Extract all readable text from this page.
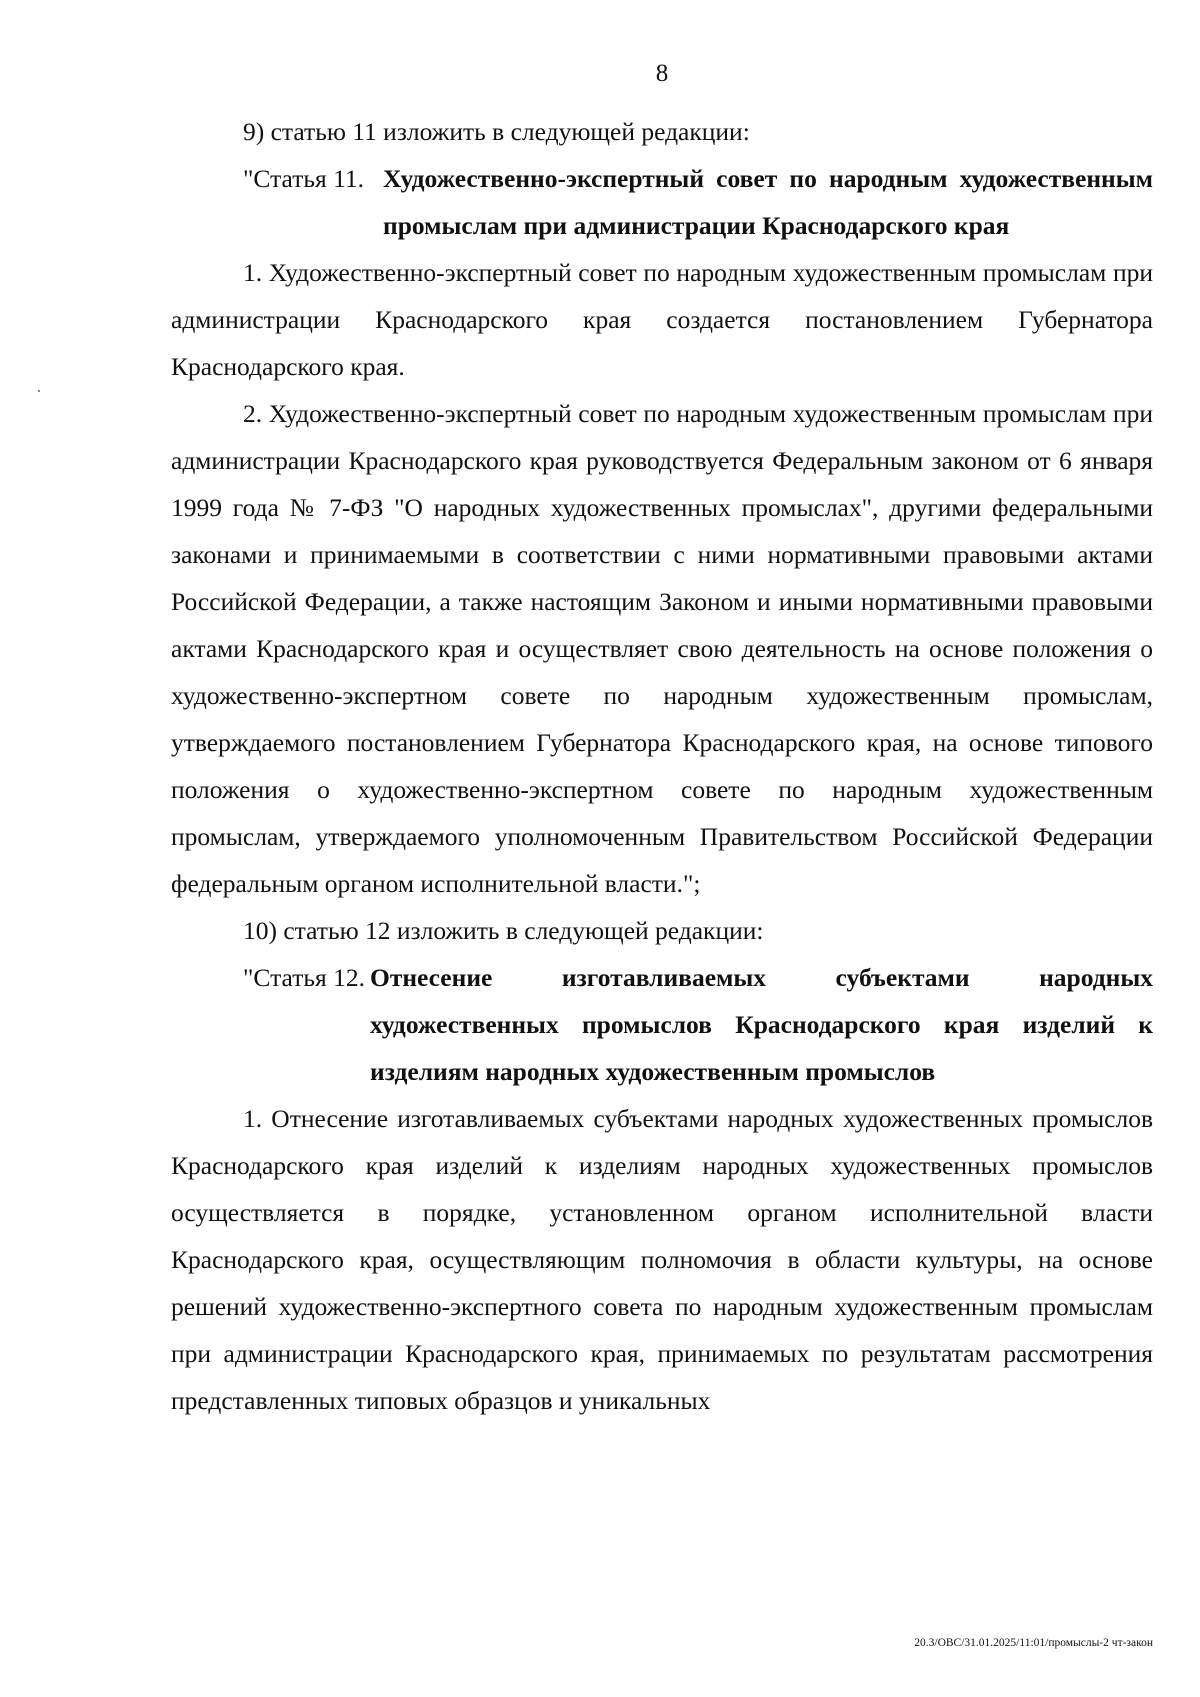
8

9) статью 11 изложить в следующей редакции:

"Статья 11. Художественно-экспертный совет по народным художественным промыслам при администрации Краснодарского края

1. Художественно-экспертный совет по народным художественным промыслам при администрации Краснодарского края создается постановлением Губернатора Краснодарского края.

2. Художественно-экспертный совет по народным художественным промыслам при администрации Краснодарского края руководствуется Федеральным законом от 6 января 1999 года № 7-ФЗ "О народных художественных промыслах", другими федеральными законами и принимаемыми в соответствии с ними нормативными правовыми актами Российской Федерации, а также настоящим Законом и иными нормативными правовыми актами Краснодарского края и осуществляет свою деятельность на основе положения о художественно-экспертном совете по народным художественным промыслам, утверждаемого постановлением Губернатора Краснодарского края, на основе типового положения о художественно-экспертном совете по народным художественным промыслам, утверждаемого уполномоченным Правительством Российской Федерации федеральным органом исполнительной власти.";

10) статью 12 изложить в следующей редакции:

"Статья 12. Отнесение изготавливаемых субъектами народных художественных промыслов Краснодарского края изделий к изделиям народных художественным промыслов

1. Отнесение изготавливаемых субъектами народных художественных промыслов Краснодарского края изделий к изделиям народных художественных промыслов осуществляется в порядке, установленном органом исполнительной власти Краснодарского края, осуществляющим полномочия в области культуры, на основе решений художественно-экспертного совета по народным художественным промыслам при администрации Краснодарского края, принимаемых по результатам рассмотрения представленных типовых образцов и уникальных

20.3/ОВС/31.01.2025/11:01/промыслы-2 чт-закон
